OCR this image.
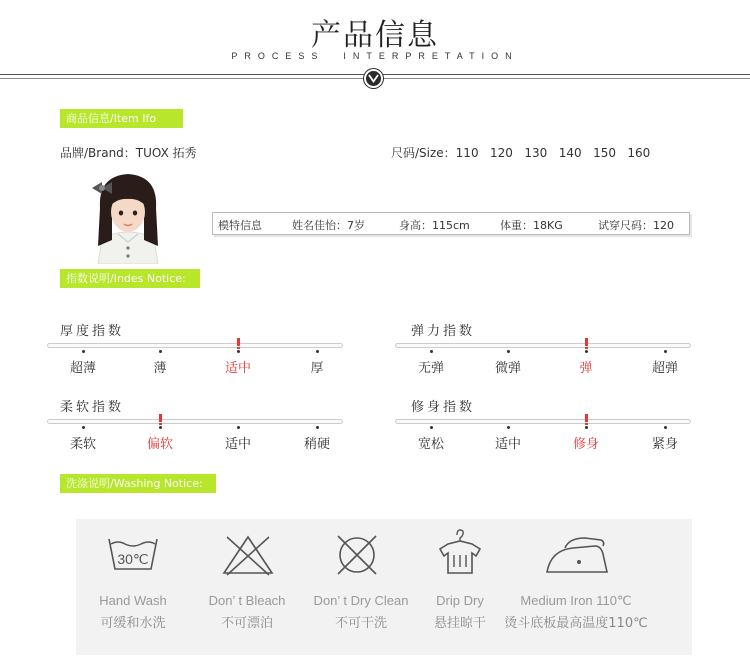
产品信息
PROCESS  INTERPRETATION
商品信息/Item Ifo
品牌/Brand：TUOX 拓秀	尺码/Size：110   120   130   140   150   160
模特信息	姓名佳怡：7岁	身高：115cm	体重：18KG	试穿尺码：120
指数说明/Indes Notice:
厚度指数
超薄	薄	适中	厚
弹力指数
无弹	微弹	弹	超弹
柔软指数
柔软	偏软	适中	稍硬
修身指数
宽松	适中	修身	紧身
洗涤说明/Washing Notice:
30℃
Hand Wash
可缓和水洗
Don’ t Bleach
不可漂泊
Don’ t Dry Clean
不可干洗
Drip Dry
悬挂晾干
Medium Iron 110℃
烫斗底板最高温度110℃
